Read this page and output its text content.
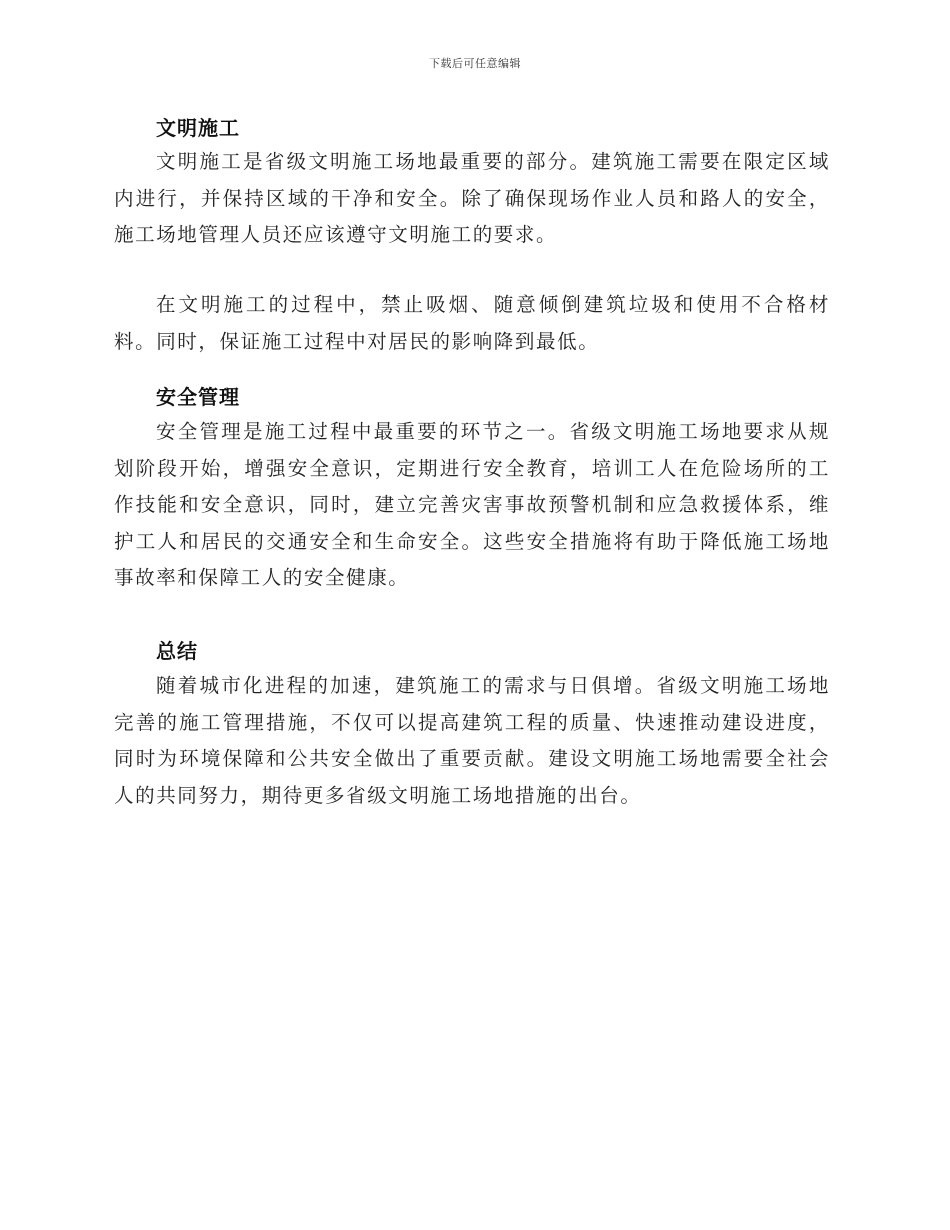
下载后可任意编辑
文明施工

文明施工是省级文明施工场地最重要的部分。建筑施工需要在限定区域内进行，并保持区域的干净和安全。除了确保现场作业人员和路人的安全，施工场地管理人员还应该遵守文明施工的要求。

在文明施工的过程中，禁止吸烟、随意倾倒建筑垃圾和使用不合格材料。同时，保证施工过程中对居民的影响降到最低。

安全管理

安全管理是施工过程中最重要的环节之一。省级文明施工场地要求从规划阶段开始，增强安全意识，定期进行安全教育，培训工人在危险场所的工作技能和安全意识，同时，建立完善灾害事故预警机制和应急救援体系，维护工人和居民的交通安全和生命安全。这些安全措施将有助于降低施工场地事故率和保障工人的安全健康。

总结

随着城市化进程的加速，建筑施工的需求与日俱增。省级文明施工场地完善的施工管理措施，不仅可以提高建筑工程的质量、快速推动建设进度，同时为环境保障和公共安全做出了重要贡献。建设文明施工场地需要全社会人的共同努力，期待更多省级文明施工场地措施的出台。
